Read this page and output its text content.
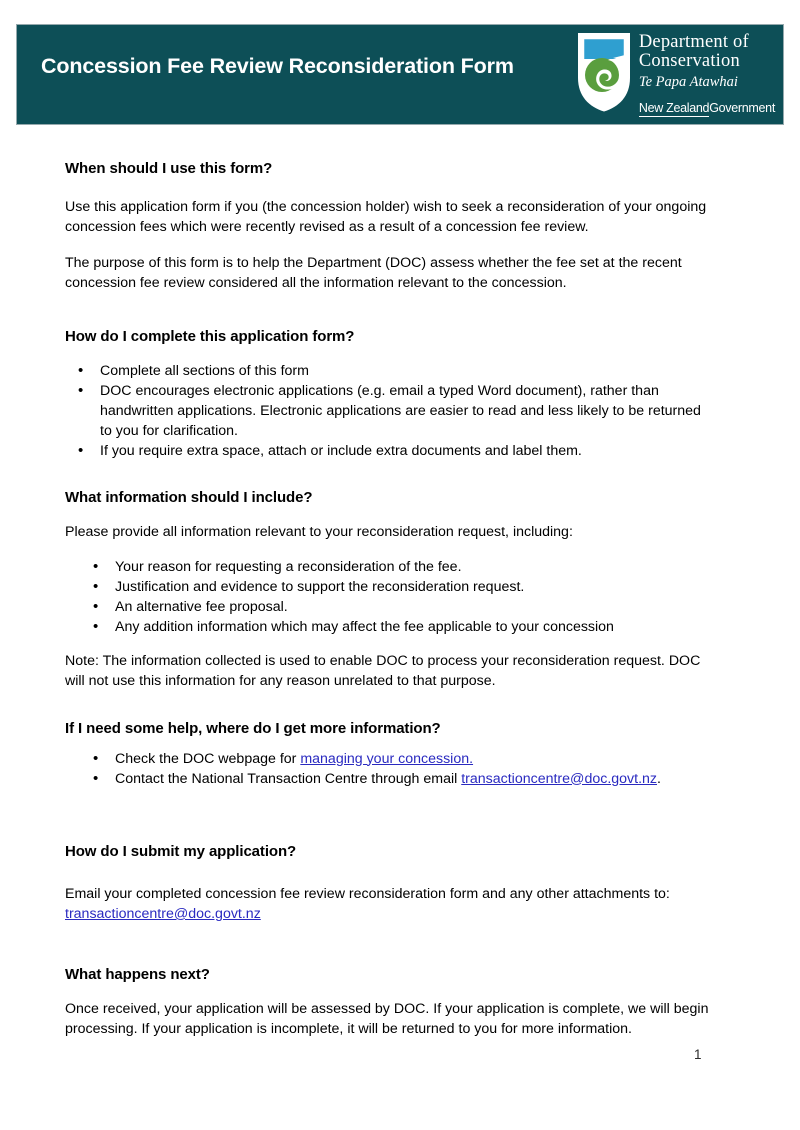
Concession Fee Review Reconsideration Form
Department of
Conservation
Te Papa Atawhai
New ZealandGovernment
When should I use this form?

Use this application form if you (the concession holder) wish to seek a reconsideration of your ongoing concession fees which were recently revised as a result of a concession fee review.

The purpose of this form is to help the Department (DOC) assess whether the fee set at the recent concession fee review considered all the information relevant to the concession.

How do I complete this application form?
• Complete all sections of this form
• DOC encourages electronic applications (e.g. email a typed Word document), rather than handwritten applications. Electronic applications are easier to read and less likely to be returned to you for clarification.
• If you require extra space, attach or include extra documents and label them.
What information should I include?

Please provide all information relevant to your reconsideration request, including:

• Your reason for requesting a reconsideration of the fee.
• Justification and evidence to support the reconsideration request.
• An alternative fee proposal.
• Any addition information which may affect the fee applicable to your concession

Note: The information collected is used to enable DOC to process your reconsideration request. DOC will not use this information for any reason unrelated to that purpose.

If I need some help, where do I get more information?
• Check the DOC webpage for managing your concession.
• Contact the National Transaction Centre through email transactioncentre@doc.govt.nz.
How do I submit my application?

Email your completed concession fee review reconsideration form and any other attachments to:
transactioncentre@doc.govt.nz

What happens next?

Once received, your application will be assessed by DOC. If your application is complete, we will begin processing. If your application is incomplete, it will be returned to you for more information.

1
